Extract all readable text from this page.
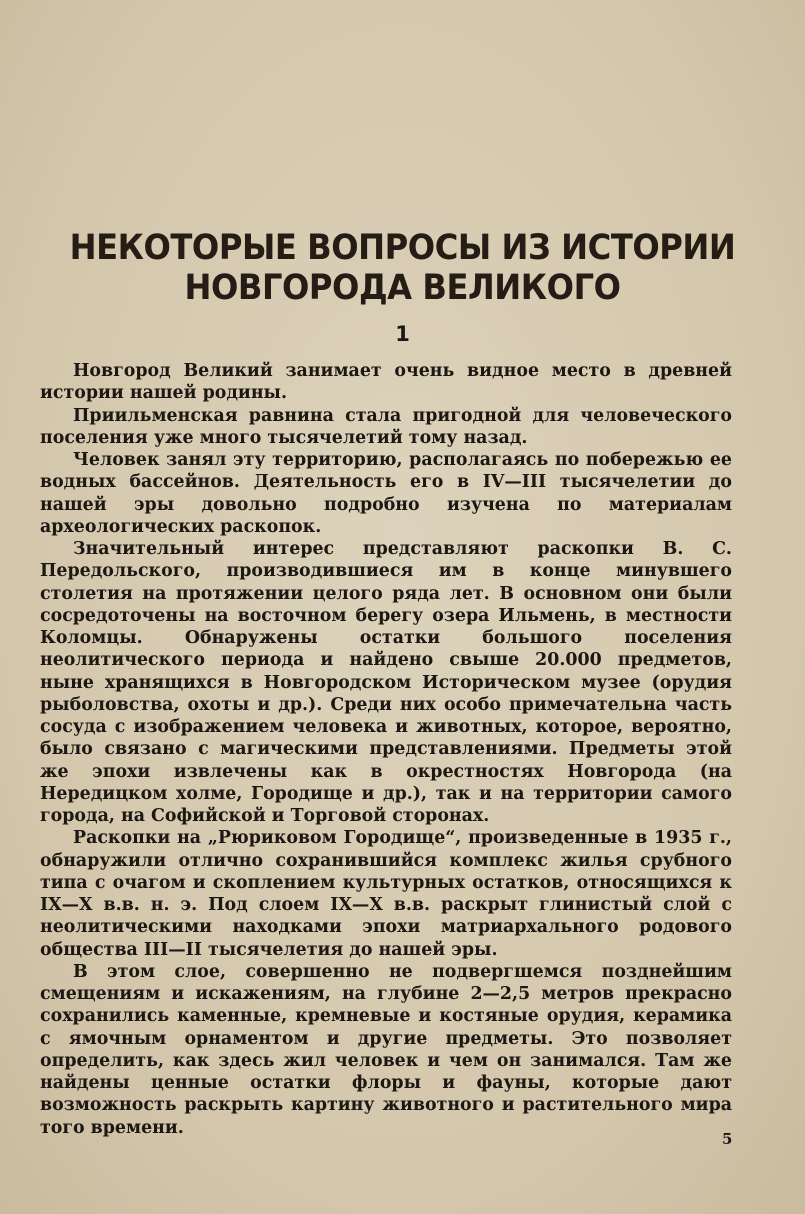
НЕКОТОРЫЕ ВОПРОСЫ ИЗ ИСТОРИИ
НОВГОРОДА ВЕЛИКОГО
1

Новгород Великий занимает очень видное место в древней истории нашей родины.

Приильменская равнина стала пригодной для человеческого поселения уже много тысячелетий тому назад.

Человек занял эту территорию, располагаясь по побережью ее водных бассейнов. Деятельность его в IV—III тысячелетии до нашей эры довольно подробно изучена по материалам археологических раскопок.

Значительный интерес представляют раскопки В. С. Передольского, производившиеся им в конце минувшего столетия на протяжении целого ряда лет. В основном они были сосредоточены на восточном берегу озера Ильмень, в местности Коломцы. Обнаружены остатки большого поселения неолитического периода и найдено свыше 20.000 предметов, ныне хранящихся в Новгородском Историческом музее (орудия рыболовства, охоты и др.). Среди них особо примечательна часть сосуда с изображением человека и животных, которое, вероятно, было связано с магическими представлениями. Предметы этой же эпохи извлечены как в окрестностях Новгорода (на Нередицком холме, Городище и др.), так и на территории самого города, на Софийской и Торговой сторонах.

Раскопки на „Рюриковом Городище“, произведенные в 1935 г., обнаружили отлично сохранившийся комплекс жилья срубного типа с очагом и скоплением культурных остатков, относящихся к IX—X в.в. н. э. Под слоем IX—X в.в. раскрыт глинистый слой с неолитическими находками эпохи матриархального родового общества III—II тысячелетия до нашей эры.

В этом слое, совершенно не подвергшемся позднейшим смещениям и искажениям, на глубине 2—2,5 метров прекрасно сохранились каменные, кремневые и костяные орудия, керамика с ямочным орнаментом и другие предметы. Это позволяет определить, как здесь жил человек и чем он занимался. Там же найдены ценные остатки флоры и фауны, которые дают возможность раскрыть картину животного и растительного мира того времени.

5
